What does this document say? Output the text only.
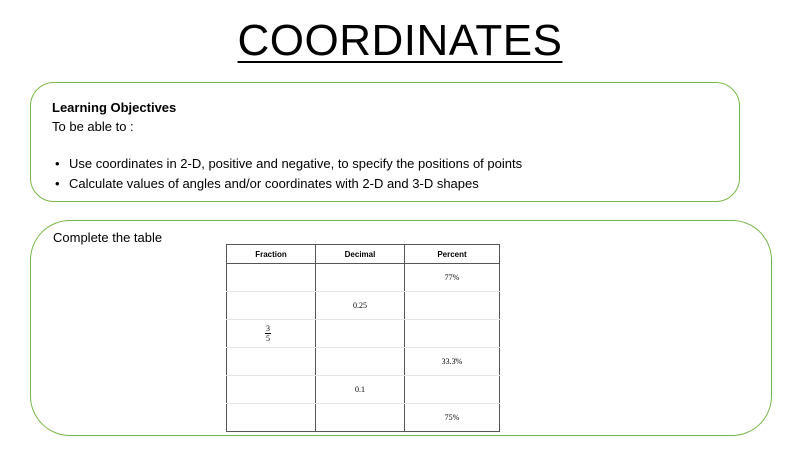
COORDINATES
Learning Objectives
To be able to :
• Use coordinates in 2-D, positive and negative, to specify the positions of points
• Calculate values of angles and/or coordinates with 2-D and 3-D shapes
Complete the table
Fraction	Decimal	Percent
		77%
	0.25	

$\frac{3}{5}$

		33.3̇%
	0.1	
		75%
